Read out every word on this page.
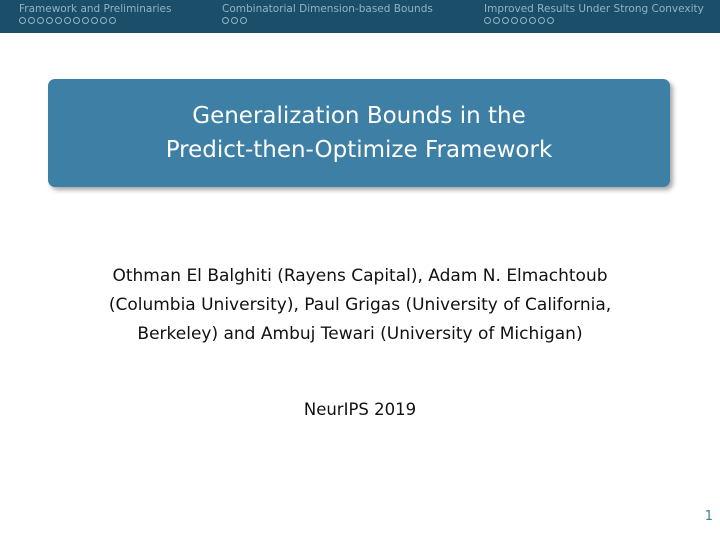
Framework and Preliminaries	Combinatorial Dimension-based Bounds	Improved Results Under Strong Convexity
Generalization Bounds in the
Predict-then-Optimize Framework
Othman El Balghiti (Rayens Capital), Adam N. Elmachtoub
(Columbia University), Paul Grigas (University of California,
Berkeley) and Ambuj Tewari (University of Michigan)
NeurIPS 2019
1
